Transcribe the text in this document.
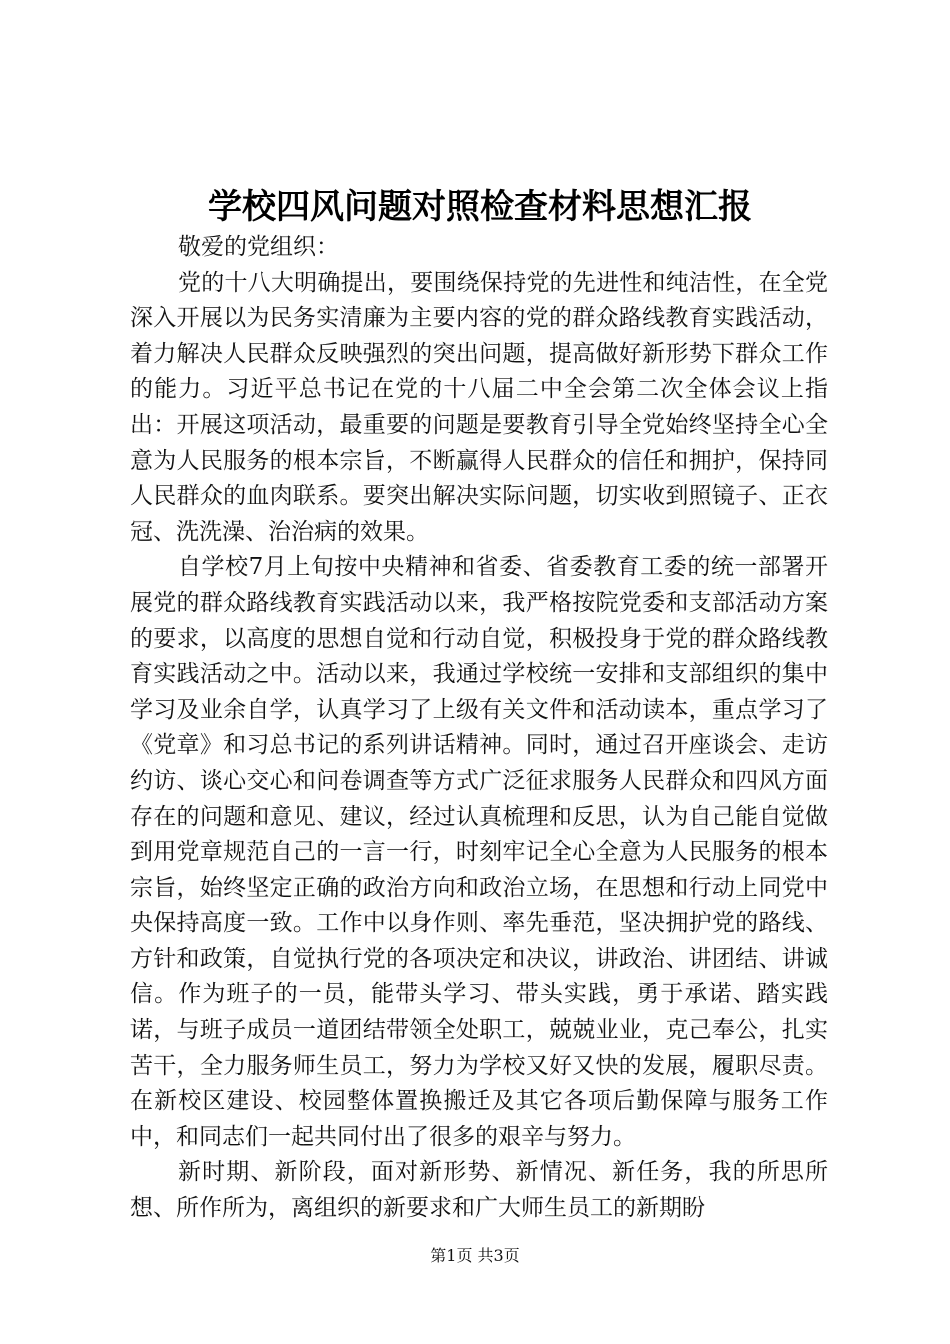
学校四风问题对照检查材料思想汇报

敬爱的党组织：

党的十八大明确提出，要围绕保持党的先进性和纯洁性，在全党深入开展以为民务实清廉为主要内容的党的群众路线教育实践活动，着力解决人民群众反映强烈的突出问题，提高做好新形势下群众工作的能力。习近平总书记在党的十八届二中全会第二次全体会议上指出：开展这项活动，最重要的问题是要教育引导全党始终坚持全心全意为人民服务的根本宗旨，不断赢得人民群众的信任和拥护，保持同人民群众的血肉联系。要突出解决实际问题，切实收到照镜子、正衣冠、洗洗澡、治治病的效果。

自学校7月上旬按中央精神和省委、省委教育工委的统一部署开展党的群众路线教育实践活动以来，我严格按院党委和支部活动方案的要求，以高度的思想自觉和行动自觉，积极投身于党的群众路线教育实践活动之中。活动以来，我通过学校统一安排和支部组织的集中学习及业余自学，认真学习了上级有关文件和活动读本，重点学习了《党章》和习总书记的系列讲话精神。同时，通过召开座谈会、走访约访、谈心交心和问卷调查等方式广泛征求服务人民群众和四风方面存在的问题和意见、建议，经过认真梳理和反思，认为自己能自觉做到用党章规范自己的一言一行，时刻牢记全心全意为人民服务的根本宗旨，始终坚定正确的政治方向和政治立场，在思想和行动上同党中央保持高度一致。工作中以身作则、率先垂范，坚决拥护党的路线、方针和政策，自觉执行党的各项决定和决议，讲政治、讲团结、讲诚信。作为班子的一员，能带头学习、带头实践，勇于承诺、踏实践诺，与班子成员一道团结带领全处职工，兢兢业业，克己奉公，扎实苦干，全力服务师生员工，努力为学校又好又快的发展，履职尽责。在新校区建设、校园整体置换搬迁及其它各项后勤保障与服务工作中，和同志们一起共同付出了很多的艰辛与努力。

新时期、新阶段，面对新形势、新情况、新任务，我的所思所想、所作所为，离组织的新要求和广大师生员工的新期盼

第1页 共3页
